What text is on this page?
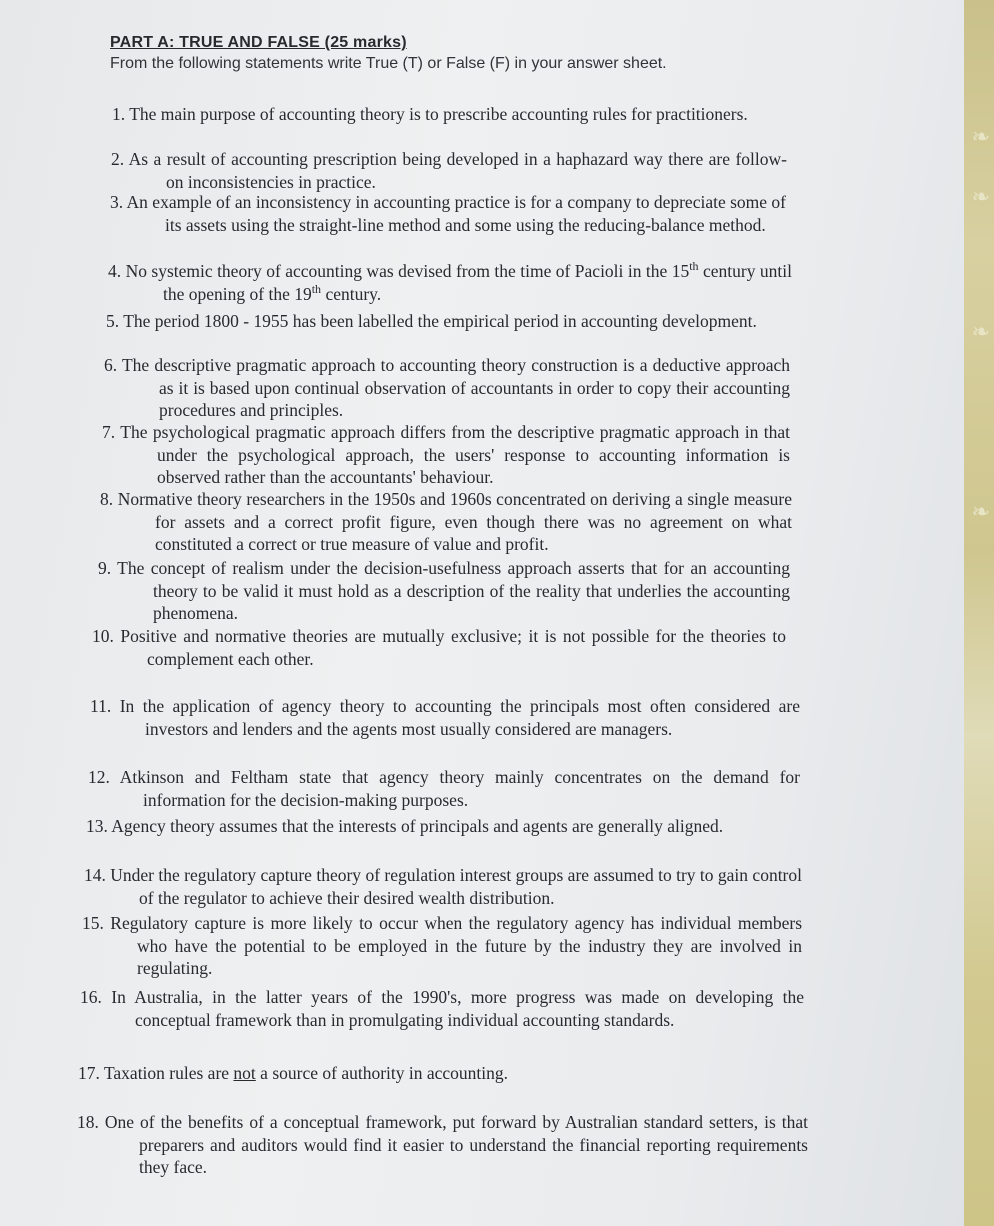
❧
❧
❧
❧
PART A: TRUE AND FALSE (25 marks)
From the following statements write True (T) or False (F) in your answer sheet.
1. The main purpose of accounting theory is to prescribe accounting rules for practitioners.
2. As a result of accounting prescription being developed in a haphazard way there are follow-on inconsistencies in practice.
3. An example of an inconsistency in accounting practice is for a company to depreciate some of its assets using the straight-line method and some using the reducing-balance method.
4. No systemic theory of accounting was devised from the time of Pacioli in the 15th century until the opening of the 19th century.
5. The period 1800 - 1955 has been labelled the empirical period in accounting development.
6. The descriptive pragmatic approach to accounting theory construction is a deductive approach as it is based upon continual observation of accountants in order to copy their accounting procedures and principles.
7. The psychological pragmatic approach differs from the descriptive pragmatic approach in that under the psychological approach, the users' response to accounting information is observed rather than the accountants' behaviour.
8. Normative theory researchers in the 1950s and 1960s concentrated on deriving a single measure for assets and a correct profit figure, even though there was no agreement on what constituted a correct or true measure of value and profit.
9. The concept of realism under the decision-usefulness approach asserts that for an accounting theory to be valid it must hold as a description of the reality that underlies the accounting phenomena.
10. Positive and normative theories are mutually exclusive; it is not possible for the theories to complement each other.
11. In the application of agency theory to accounting the principals most often considered are investors and lenders and the agents most usually considered are managers.
12. Atkinson and Feltham state that agency theory mainly concentrates on the demand for information for the decision-making purposes.
13. Agency theory assumes that the interests of principals and agents are generally aligned.
14. Under the regulatory capture theory of regulation interest groups are assumed to try to gain control of the regulator to achieve their desired wealth distribution.
15. Regulatory capture is more likely to occur when the regulatory agency has individual members who have the potential to be employed in the future by the industry they are involved in regulating.
16. In Australia, in the latter years of the 1990's, more progress was made on developing the conceptual framework than in promulgating individual accounting standards.
17. Taxation rules are not a source of authority in accounting.
18. One of the benefits of a conceptual framework, put forward by Australian standard setters, is that preparers and auditors would find it easier to understand the financial reporting requirements they face.
